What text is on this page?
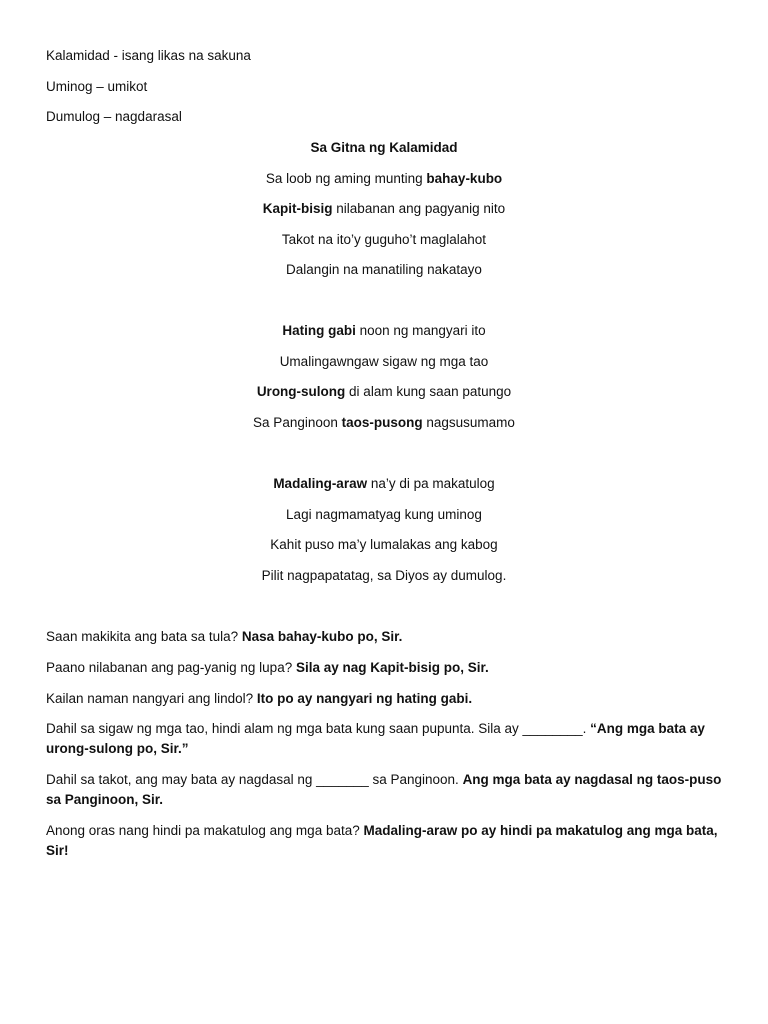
Kalamidad - isang likas na sakuna
Uminog – umikot
Dumulog – nagdarasal
Sa Gitna ng Kalamidad
Sa loob ng aming munting bahay-kubo
Kapit-bisig nilabanan ang pagyanig nito
Takot na ito’y guguho’t maglalahot
Dalangin na manatiling nakatayo
Hating gabi noon ng mangyari ito
Umalingawngaw sigaw ng mga tao
Urong-sulong di alam kung saan patungo
Sa Panginoon taos-pusong nagsusumamo
Madaling-araw na’y di pa makatulog
Lagi nagmamatyag kung uminog
Kahit puso ma’y lumalakas ang kabog
Pilit nagpapatatag, sa Diyos ay dumulog.
Saan makikita ang bata sa tula? Nasa bahay-kubo po, Sir.
Paano nilabanan ang pag-yanig ng lupa? Sila ay nag Kapit-bisig po, Sir.
Kailan naman nangyari ang lindol? Ito po ay nangyari ng hating gabi.
Dahil sa sigaw ng mga tao, hindi alam ng mga bata kung saan pupunta. Sila ay ________. “Ang mga bata ay urong-sulong po, Sir.”
Dahil sa takot, ang may bata ay nagdasal ng _______ sa Panginoon. Ang mga bata ay nagdasal ng taos-puso sa Panginoon, Sir.
Anong oras nang hindi pa makatulog ang mga bata? Madaling-araw po ay hindi pa makatulog ang mga bata, Sir!
